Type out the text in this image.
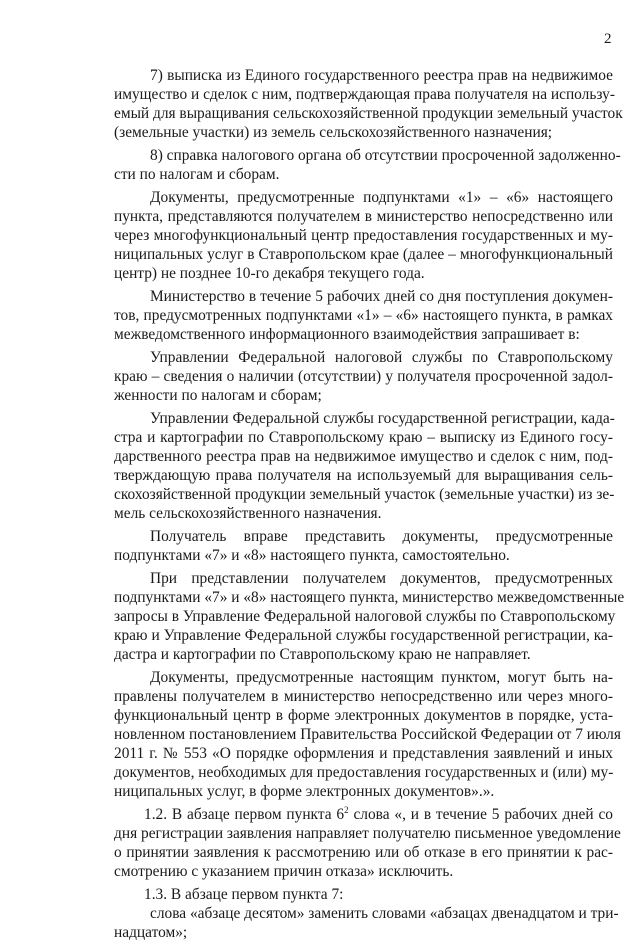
2
7) выписка из Единого государственного реестра прав на недвижимое
имущество и сделок с ним, подтверждающая права получателя на использу-
емый для выращивания сельскохозяйственной продукции земельный участок
(земельные участки) из земель сельскохозяйственного назначения;
8) справка налогового органа об отсутствии просроченной задолженно-
сти по налогам и сборам.
Документы, предусмотренные подпунктами «1» – «6» настоящего
пункта, представляются получателем в министерство непосредственно или
через многофункциональный центр предоставления государственных и му-
ниципальных услуг в Ставропольском крае (далее – многофункциональный
центр) не позднее 10-го декабря текущего года.
Министерство в течение 5 рабочих дней со дня поступления докумен-
тов, предусмотренных подпунктами «1» – «6» настоящего пункта, в рамках
межведомственного информационного взаимодействия запрашивает в:
Управлении Федеральной налоговой службы по Ставропольскому
краю – сведения о наличии (отсутствии) у получателя просроченной задол-
женности по налогам и сборам;
Управлении Федеральной службы государственной регистрации, када-
стра и картографии по Ставропольскому краю – выписку из Единого госу-
дарственного реестра прав на недвижимое имущество и сделок с ним, под-
тверждающую права получателя на используемый для выращивания сель-
скохозяйственной продукции земельный участок (земельные участки) из зе-
мель сельскохозяйственного назначения.
Получатель вправе представить документы, предусмотренные
подпунктами «7» и «8» настоящего пункта, самостоятельно.
При представлении получателем документов, предусмотренных
подпунктами «7» и «8» настоящего пункта, министерство межведомственные
запросы в Управление Федеральной налоговой службы по Ставропольскому
краю и Управление Федеральной службы государственной регистрации, ка-
дастра и картографии по Ставропольскому краю не направляет.
Документы, предусмотренные настоящим пунктом, могут быть на-
правлены получателем в министерство непосредственно или через много-
функциональный центр в форме электронных документов в порядке, уста-
новленном постановлением Правительства Российской Федерации от 7 июля
2011 г. № 553 «О порядке оформления и представления заявлений и иных
документов, необходимых для предоставления государственных и (или) му-
ниципальных услуг, в форме электронных документов».».
1.2. В абзаце первом пункта $6^2$ слова «, и в течение 5 рабочих дней со
дня регистрации заявления направляет получателю письменное уведомление
о принятии заявления к рассмотрению или об отказе в его принятии к рас-
смотрению с указанием причин отказа» исключить.
1.3. В абзаце первом пункта 7:
слова «абзаце десятом» заменить словами «абзацах двенадцатом и три-
надцатом»;
